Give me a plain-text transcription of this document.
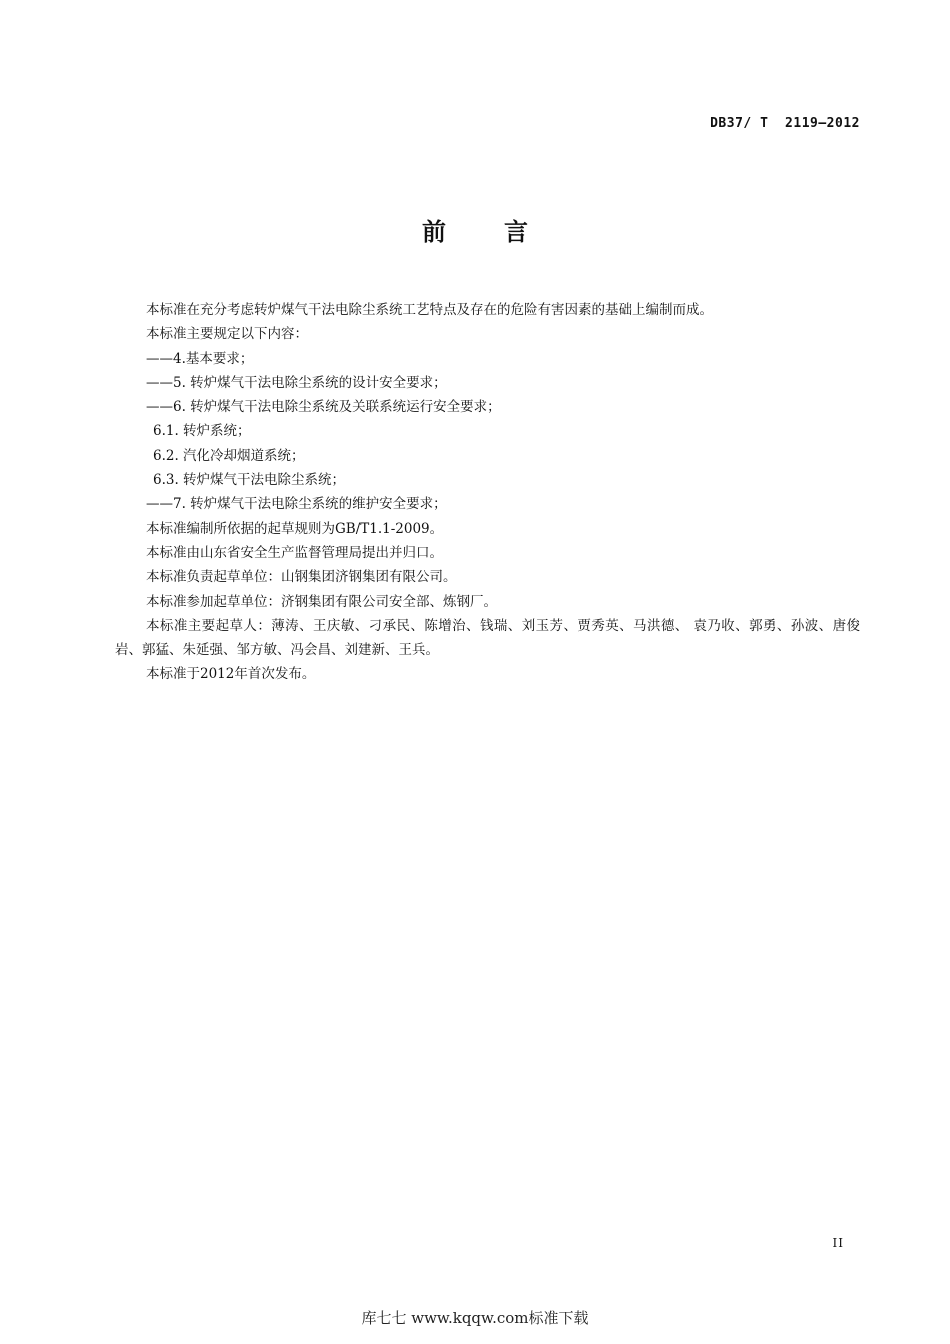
DB37/ T  2119—2012
前言

本标准在充分考虑转炉煤气干法电除尘系统工艺特点及存在的危险有害因素的基础上编制而成。

本标准主要规定以下内容：

——4.基本要求；

——5. 转炉煤气干法电除尘系统的设计安全要求；

——6. 转炉煤气干法电除尘系统及关联系统运行安全要求；

6.1. 转炉系统；

6.2. 汽化冷却烟道系统；

6.3. 转炉煤气干法电除尘系统；

——7. 转炉煤气干法电除尘系统的维护安全要求；

本标准编制所依据的起草规则为GB/T1.1-2009。

本标准由山东省安全生产监督管理局提出并归口。

本标准负责起草单位：山钢集团济钢集团有限公司。

本标准参加起草单位：济钢集团有限公司安全部、炼钢厂。

本标准主要起草人：薄涛、王庆敏、刁承民、陈增治、钱瑞、刘玉芳、贾秀英、马洪德、 袁乃收、郭勇、孙波、唐俊岩、郭猛、朱延强、邹方敏、冯会昌、刘建新、王兵。

本标准于2012年首次发布。

II
库七七 www.kqqw.com标准下载
